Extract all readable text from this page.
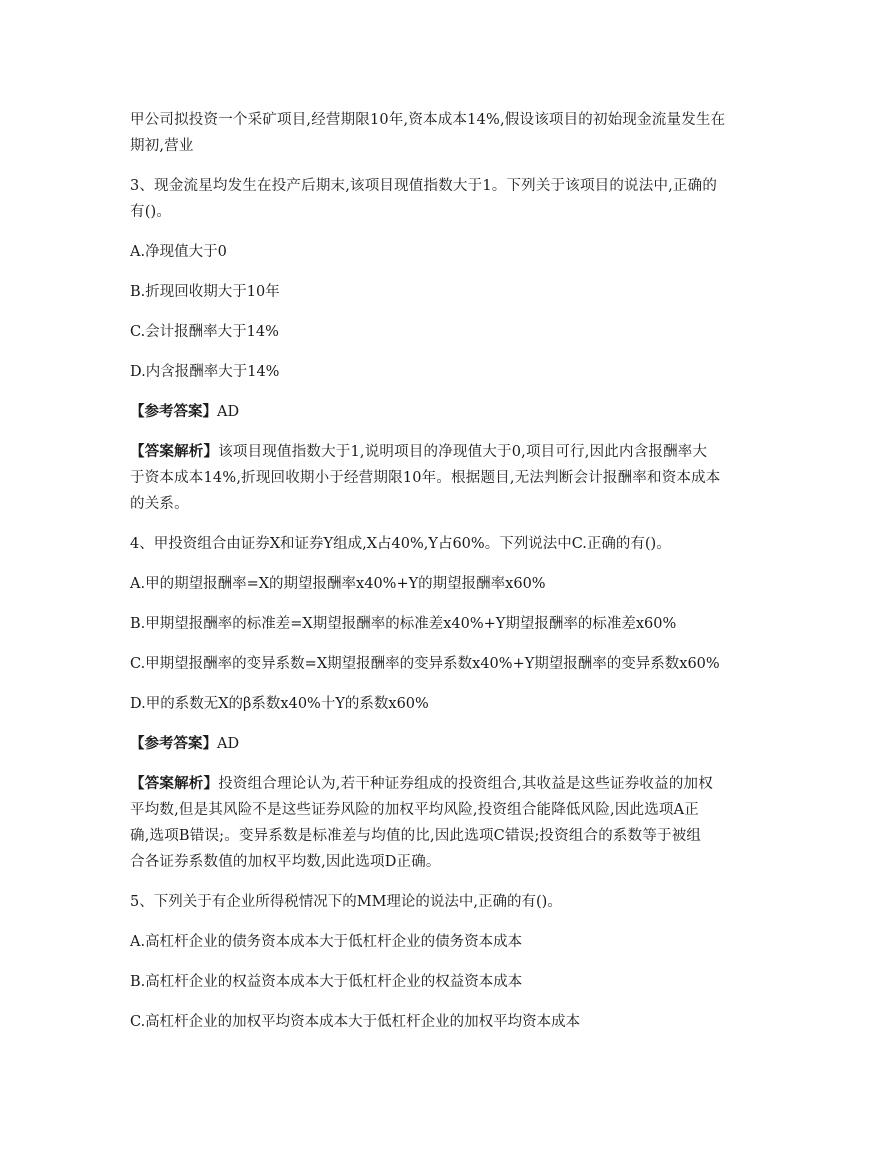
甲公司拟投资一个采矿项目,经营期限10年,资本成本14%,假设该项目的初始现金流量发生在
期初,营业

3、现金流星均发生在投产后期末,该项目现值指数大于1。下列关于该项目的说法中,正确的
有()。

A.净现值大于0

B.折现回收期大于10年

C.会计报酬率大于14%

D.内含报酬率大于14%

【参考答案】AD

【答案解析】该项目现值指数大于1,说明项目的净现值大于0,项目可行,因此内含报酬率大
于资本成本14%,折现回收期小于经营期限10年。根据题目,无法判断会计报酬率和资本成本
的关系。

4、甲投资组合由证券X和证券Y组成,X占40%,Y占60%。下列说法中C.正确的有()。

A.甲的期望报酬率=X的期望报酬率x40%+Y的期望报酬率x60%

B.甲期望报酬率的标准差=X期望报酬率的标准差x40%+Y期望报酬率的标准差x60%

C.甲期望报酬率的变异系数=X期望报酬率的变异系数x40%+Y期望报酬率的变异系数x60%

D.甲的系数无X的β系数x40%十Y的系数x60%

【参考答案】AD

【答案解析】投资组合理论认为,若干种证券组成的投资组合,其收益是这些证券收益的加权
平均数,但是其风险不是这些证券风险的加权平均风险,投资组合能降低风险,因此选项A正
确,选项B错误;。变异系数是标准差与均值的比,因此选项C错误;投资组合的系数等于被组
合各证券系数值的加权平均数,因此选项D正确。

5、下列关于有企业所得税情况下的MM理论的说法中,正确的有()。

A.高杠杆企业的债务资本成本大于低杠杆企业的债务资本成本

B.高杠杆企业的权益资本成本大于低杠杆企业的权益资本成本

C.高杠杆企业的加权平均资本成本大于低杠杆企业的加权平均资本成本
